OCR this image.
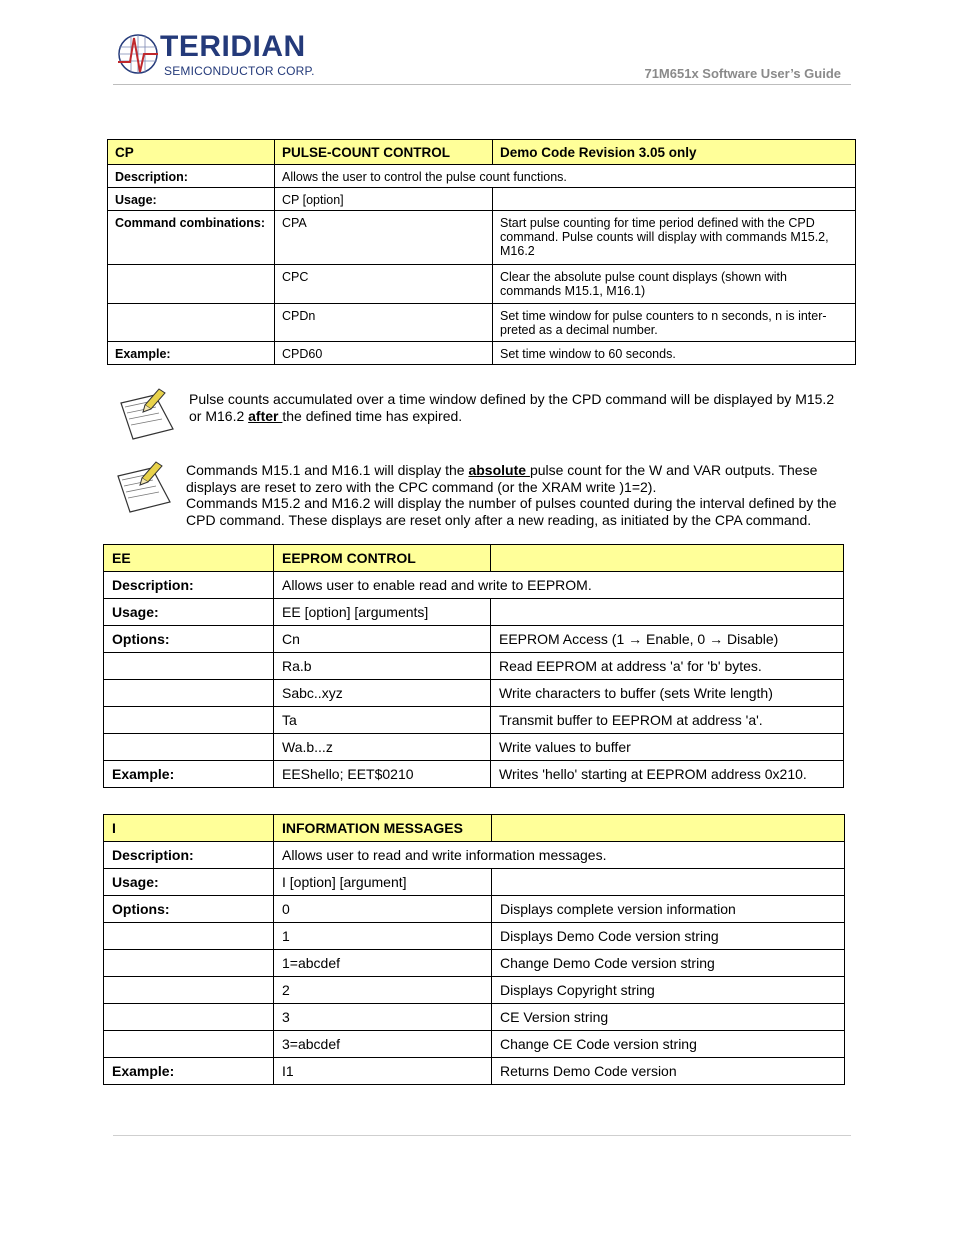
TERIDIAN
SEMICONDUCTOR CORP.	71M651x Software User’s Guide
CP	PULSE-COUNT CONTROL	Demo Code Revision 3.05 only
Description:	Allows the user to control the pulse count functions.	
Usage:	CP [option]	
Command combinations:	CPA	Start pulse counting for time period defined with the CPD command. Pulse counts will display with commands M15.2, M16.2
	CPC	Clear the absolute pulse count displays (shown with commands M15.1, M16.1)
	CPDn	Set time window for pulse counters to n seconds, n is inter-preted as a decimal number.
Example:	CPD60	Set time window to 60 seconds.
Pulse counts accumulated over a time window defined by the CPD command will be displayed by M15.2 or M16.2 after the defined time has expired.
Commands M15.1 and M16.1 will display the absolute pulse count for the W and VAR outputs. These displays are reset to zero with the CPC command (or the XRAM write )1=2).
Commands M15.2 and M16.2 will display the number of pulses counted during the interval defined by the CPD command. These displays are reset only after a new reading, as initiated by the CPA command.
EE	EEPROM CONTROL	
Description:	Allows user to enable read and write to EEPROM.	
Usage:	EE [option] [arguments]	
Options:	Cn	EEPROM Access (1 → Enable, 0 → Disable)
	Ra.b	Read EEPROM at address 'a' for 'b' bytes.
	Sabc..xyz	Write characters to buffer (sets Write length)
	Ta	Transmit buffer to EEPROM at address 'a'.
	Wa.b...z	Write values to buffer
Example:	EEShello; EET$0210	Writes 'hello' starting at EEPROM address 0x210.
I	INFORMATION MESSAGES	
Description:	Allows user to read and write information messages.	
Usage:	I [option] [argument]	
Options:	0	Displays complete version information
	1	Displays Demo Code version string
	1=abcdef	Change Demo Code version string
	2	Displays Copyright string
	3	CE Version string
	3=abcdef	Change CE Code version string
Example:	I1	Returns Demo Code version
